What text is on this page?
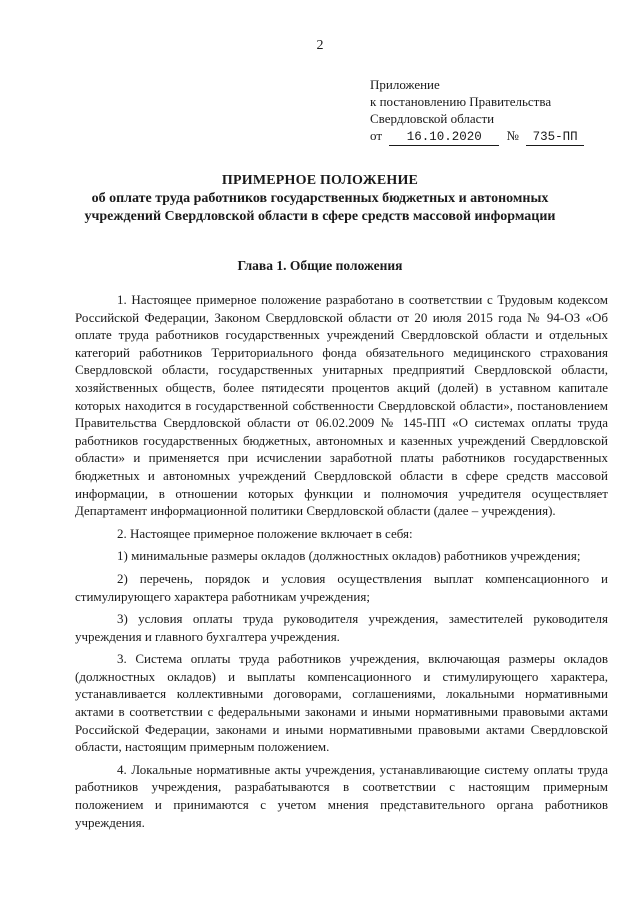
2
Приложение
к постановлению Правительства
Свердловской области
от 16.10.2020 № 735-ПП
ПРИМЕРНОЕ ПОЛОЖЕНИЕ
об оплате труда работников государственных бюджетных и автономных
учреждений Свердловской области в сфере средств массовой информации
Глава 1. Общие положения

1. Настоящее примерное положение разработано в соответствии с Трудовым кодексом Российской Федерации, Законом Свердловской области от 20 июля 2015 года № 94-ОЗ «Об оплате труда работников государственных учреждений Свердловской области и отдельных категорий работников Территориального фонда обязательного медицинского страхования Свердловской области, государственных унитарных предприятий Свердловской области, хозяйственных обществ, более пятидесяти процентов акций (долей) в уставном капитале которых находится в государственной собственности Свердловской области», постановлением Правительства Свердловской области от 06.02.2009 № 145-ПП «О системах оплаты труда работников государственных бюджетных, автономных и казенных учреждений Свердловской области» и применяется при исчислении заработной платы работников государственных бюджетных и автономных учреждений Свердловской области в сфере средств массовой информации, в отношении которых функции и полномочия учредителя осуществляет Департамент информационной политики Свердловской области (далее – учреждения).

2. Настоящее примерное положение включает в себя:

1) минимальные размеры окладов (должностных окладов) работников учреждения;

2) перечень, порядок и условия осуществления выплат компенсационного и стимулирующего характера работникам учреждения;

3) условия оплаты труда руководителя учреждения, заместителей руководителя учреждения и главного бухгалтера учреждения.

3. Система оплаты труда работников учреждения, включающая размеры окладов (должностных окладов) и выплаты компенсационного и стимулирующего характера, устанавливается коллективными договорами, соглашениями, локальными нормативными актами в соответствии с федеральными законами и иными нормативными правовыми актами Российской Федерации, законами и иными нормативными правовыми актами Свердловской области, настоящим примерным положением.

4. Локальные нормативные акты учреждения, устанавливающие систему оплаты труда работников учреждения, разрабатываются в соответствии с настоящим примерным положением и принимаются с учетом мнения представительного органа работников учреждения.
